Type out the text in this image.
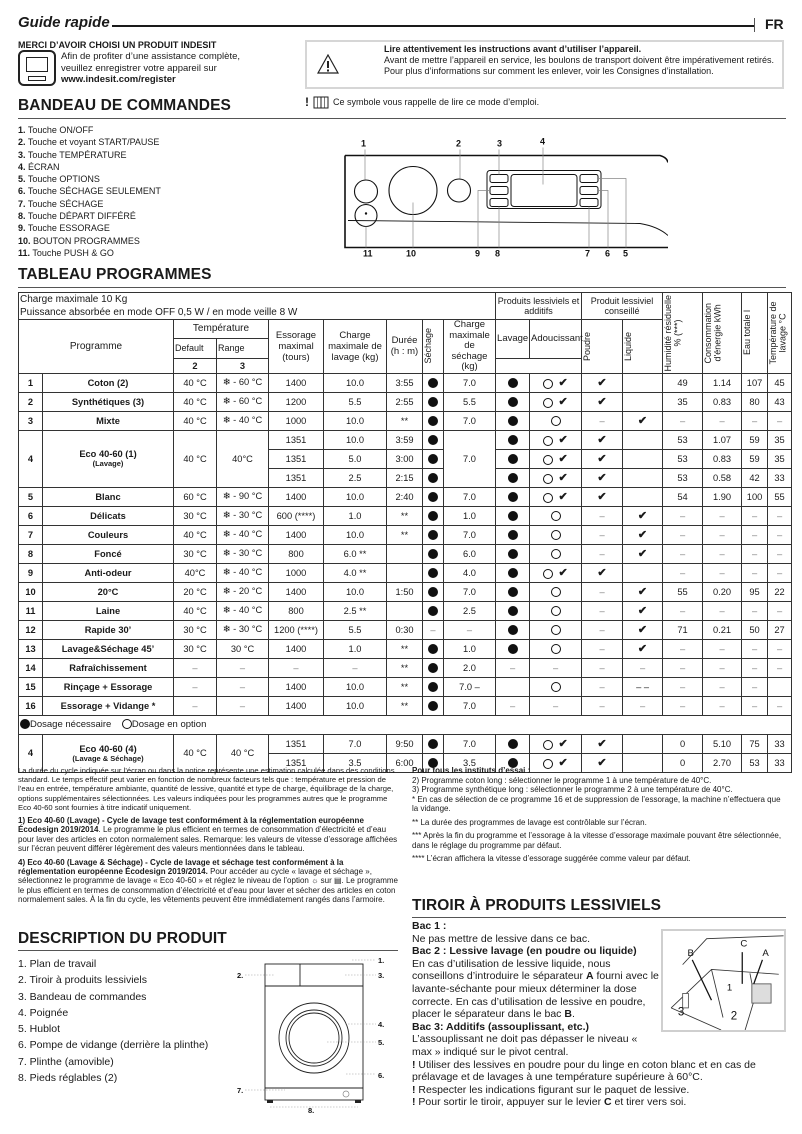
Guide rapide	FR
MERCI D’AVOIR CHOISI UN PRODUIT INDESIT
Afin de profiter d’une assistance complète,
veuillez enregistrer votre appareil sur
www.indesit.com/register
Lire attentivement les instructions avant d’utiliser l’appareil.
Avant de mettre l’appareil en service, les boulons de transport doivent être impérativement retirés. Pour plus d’informations sur comment les enlever, voir les Consignes d’installation.
!	Ce symbole vous rappelle de lire ce mode d’emploi.
BANDEAU DE COMMANDES
1. Touche ON/OFF
2. Touche et voyant START/PAUSE
3. Touche TEMPÉRATURE
4. ÉCRAN
5. Touche OPTIONS
6. Touche SÉCHAGE SEULEMENT
7. Touche SÉCHAGE
8. Touche DÉPART DIFFÉRÉ
9. Touche ESSORAGE
10. BOUTON PROGRAMMES
11. Touche PUSH & GO
1	2	3	4
11	10	9 8	7 6 5
TABLEAU PROGRAMMES
Charge maximale 10 Kg									Produits lessiviels et additifs		Produit lessiviel conseillé		Humidité résiduelle % (***)	Consommation d'énergie kWh	Eau totale l	Température de lavage °C

Puissance absorbée en mode OFF 0,5 W / en mode veille 8 W																
Programme		Température		Essorage maximal (tours)	Charge maximale de lavage (kg)	Durée (h : m)	Séchage	Charge maximale de séchage (kg)	Lavage	Adoucissant	Poudre	Liquide				

		Default	Range													
		2	3													
1	Coton (2)	40 °C	❄ - 60 °C	1400	10.0	3:55		7.0		✔	✔		49	1.14	107	45
2	Synthétiques (3)	40 °C	❄ - 60 °C	1200	5.5	2:55		5.5		✔	✔		35	0.83	80	43
3	Mixte	40 °C	❄ - 40 °C	1000	10.0	**		7.0			–	✔	–	–	–	–
4	Eco 40-60 (1)
(Lavage)	40 °C	40°C	1351	10.0	3:59		7.0		✔	✔		53	1.07	59	35
				1351	5.0	3:00				✔	✔		53	0.83	59	35
				1351	2.5	2:15				✔	✔		53	0.58	42	33
5	Blanc	60 °C	❄ - 90 °C	1400	10.0	2:40		7.0		✔	✔		54	1.90	100	55
6	Délicats	30 °C	❄ - 30 °C	600 (****)	1.0	**		1.0			–	✔	–	–	–	–
7	Couleurs	40 °C	❄ - 40 °C	1400	10.0	**		7.0			–	✔	–	–	–	–
8	Foncé	30 °C	❄ - 30 °C	800	6.0 **			6.0			–	✔	–	–	–	–
9	Anti-odeur	40°C	❄ - 40 °C	1000	4.0 **			4.0		✔	✔		–	–	–	–
10	20°C	20 °C	❄ - 20 °C	1400	10.0	1:50		7.0			–	✔	55	0.20	95	22
11	Laine	40 °C	❄ - 40 °C	800	2.5 **			2.5			–	✔	–	–	–	–
12	Rapide 30’	30 °C	❄ - 30 °C	1200 (****)	5.5	0:30	–	–			–	✔	71	0.21	50	27
13	Lavage&Séchage 45’	30 °C	30 °C	1400	1.0	**		1.0			–	✔	–	–	–	–
14	Rafraîchissement	–	–	–	–	**		2.0	–	–	–	–	–	–	–	–
15	Rinçage + Essorage	–	–	1400	10.0	**		7.0 –			–	– –	–	–	–	
16	Essorage + Vidange *	–	–	1400	10.0	**		7.0	–	–	–	–	–	–	–	–
Dosage nécessaire Dosage en option																
4	Eco 40-60 (4)
(Lavage & Séchage)	40 °C	40 °C	1351	7.0	9:50		7.0		✔	✔		0	5.10	75	33
				1351	3.5	6:00		3.5		✔	✔		0	2.70	53	33

La durée du cycle indiquée sur l’écran ou dans la notice représente une estimation calculée dans des conditions standard. Le temps effectif peut varier en fonction de nombreux facteurs tels que : température et pression de l’eau en entrée, température ambiante, quantité de lessive, quantité et type de charge, équilibrage de la charge, options supplémentaires sélectionnées. Les valeurs indiquées pour les programmes autres que le programme Eco 40-60 sont fournies à titre indicatif uniquement.

1) Eco 40-60 (Lavage) - Cycle de lavage test conformément à la réglementation européenne Écodesign 2019/2014. Le programme le plus efficient en termes de consommation d’électricité et d’eau pour laver des articles en coton normalement sales. Remarque: les valeurs de vitesse d’essorage affichées sur l’écran peuvent différer légèrement des valeurs mentionnées dans le tableau.

4) Eco 40-60 (Lavage & Séchage) - Cycle de lavage et séchage test conformément à la réglementation européenne Écodesign 2019/2014. Pour accéder au cycle « lavage et séchage », sélectionnez le programme de lavage « Eco 40-60 » et réglez le niveau de l’option ☼ sur ▤. Le programme le plus efficient en termes de consommation d’électricité et d’eau pour laver et sécher des articles en coton normalement sales. À la fin du cycle, les vêtements peuvent être immédiatement rangés dans l’armoire.

Pour tous les instituts d’essai :
2) Programme coton long : sélectionner le programme 1 à une température de 40°C.
3) Programme synthétique long : sélectionner le programme 2 à une température de 40°C.

* En cas de sélection de ce programme 16 et de suppression de l’essorage, la machine n’effectuera que la vidange.

** La durée des programmes de lavage est contrôlable sur l’écran.

*** Après la fin du programme et l’essorage à la vitesse d’essorage maximale pouvant être sélectionnée, dans le réglage du programme par défaut.

**** L’écran affichera la vitesse d’essorage suggérée comme valeur par défaut.

DESCRIPTION DU PRODUIT
1. Plan de travail
2. Tiroir à produits lessiviels
3. Bandeau de commandes
4. Poignée
5. Hublot
6. Pompe de vidange (derrière la plinthe)
7. Plinthe (amovible)
8. Pieds réglables (2)
1.
2.	3.
4.
5.
6.
7.
8.
TIROIR À PRODUITS LESSIVIELS
Bac 1 :
Ne pas mettre de lessive dans ce bac.
Bac 2 : Lessive lavage (en poudre ou liquide)
En cas d’utilisation de lessive liquide, nous conseillons d’introduire le séparateur A fourni avec le lavante-séchante pour mieux déterminer la dose correcte. En cas d’utilisation de lessive en poudre, placer le séparateur dans le bac B.
Bac 3: Additifs (assouplissant, etc.)
L’assouplissant ne doit pas dépasser le niveau « max » indiqué sur le pivot central.
! Utiliser des lessives en poudre pour du linge en coton blanc et en cas de prélavage et de lavages à une température supérieure à 60°C.
! Respecter les indications figurant sur le paquet de lessive.
! Pour sortir le tiroir, appuyer sur le levier C et tirer vers soi.
B
C
A
1
2
3
